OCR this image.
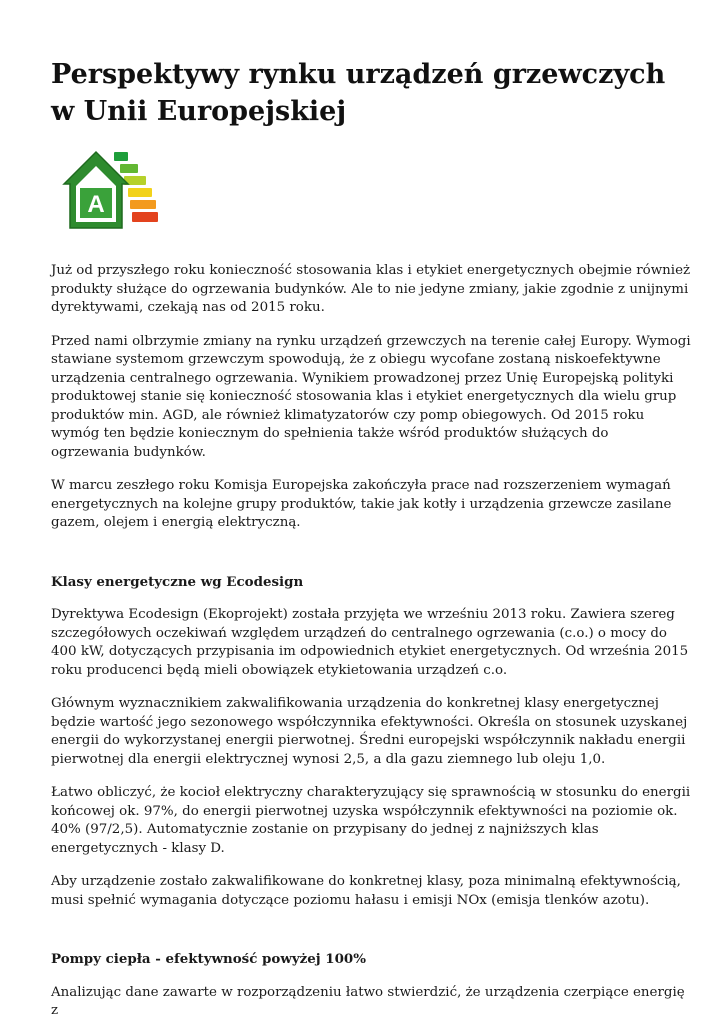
Perspektywy rynku urządzeń grzewczych w Unii Europejskiej
A

Już od przyszłego roku konieczność stosowania klas i etykiet energetycznych obejmie również produkty służące do ogrzewania budynków. Ale to nie jedyne zmiany, jakie zgodnie z unijnymi dyrektywami, czekają nas od 2015 roku.

Przed nami olbrzymie zmiany na rynku urządzeń grzewczych na terenie całej Europy. Wymogi stawiane systemom grzewczym spowodują, że z obiegu wycofane zostaną niskoefektywne urządzenia centralnego ogrzewania. Wynikiem prowadzonej przez Unię Europejską polityki produktowej stanie się konieczność stosowania klas i etykiet energetycznych dla wielu grup produktów min. AGD, ale również klimatyzatorów czy pomp obiegowych. Od 2015 roku wymóg ten będzie koniecznym do spełnienia także wśród produktów służących do ogrzewania budynków.

W marcu zeszłego roku Komisja Europejska zakończyła prace nad rozszerzeniem wymagań energetycznych na kolejne grupy produktów, takie jak kotły i urządzenia grzewcze zasilane gazem, olejem i energią elektryczną.

Klasy energetyczne wg Ecodesign

Dyrektywa Ecodesign (Ekoprojekt) została przyjęta we wrześniu 2013 roku. Zawiera szereg szczegółowych oczekiwań względem urządzeń do centralnego ogrzewania (c.o.) o mocy do 400 kW, dotyczących przypisania im odpowiednich etykiet energetycznych. Od września 2015 roku producenci będą mieli obowiązek etykietowania urządzeń c.o.

Głównym wyznacznikiem zakwalifikowania urządzenia do konkretnej klasy energetycznej będzie wartość jego sezonowego współczynnika efektywności. Określa on stosunek uzyskanej energii do wykorzystanej energii pierwotnej. Średni europejski współczynnik nakładu energii pierwotnej dla energii elektrycznej wynosi 2,5, a dla gazu ziemnego lub oleju 1,0.

Łatwo obliczyć, że kocioł elektryczny charakteryzujący się sprawnością w stosunku do energii końcowej ok. 97%, do energii pierwotnej uzyska współczynnik efektywności na poziomie ok. 40% (97/2,5). Automatycznie zostanie on przypisany do jednej z najniższych klas energetycznych - klasy D.

Aby urządzenie zostało zakwalifikowane do konkretnej klasy, poza minimalną efektywnością, musi spełnić wymagania dotyczące poziomu hałasu i emisji NOx (emisja tlenków azotu).

Pompy ciepła - efektywność powyżej 100%

Analizując dane zawarte w rozporządzeniu łatwo stwierdzić, że urządzenia czerpiące energię z
